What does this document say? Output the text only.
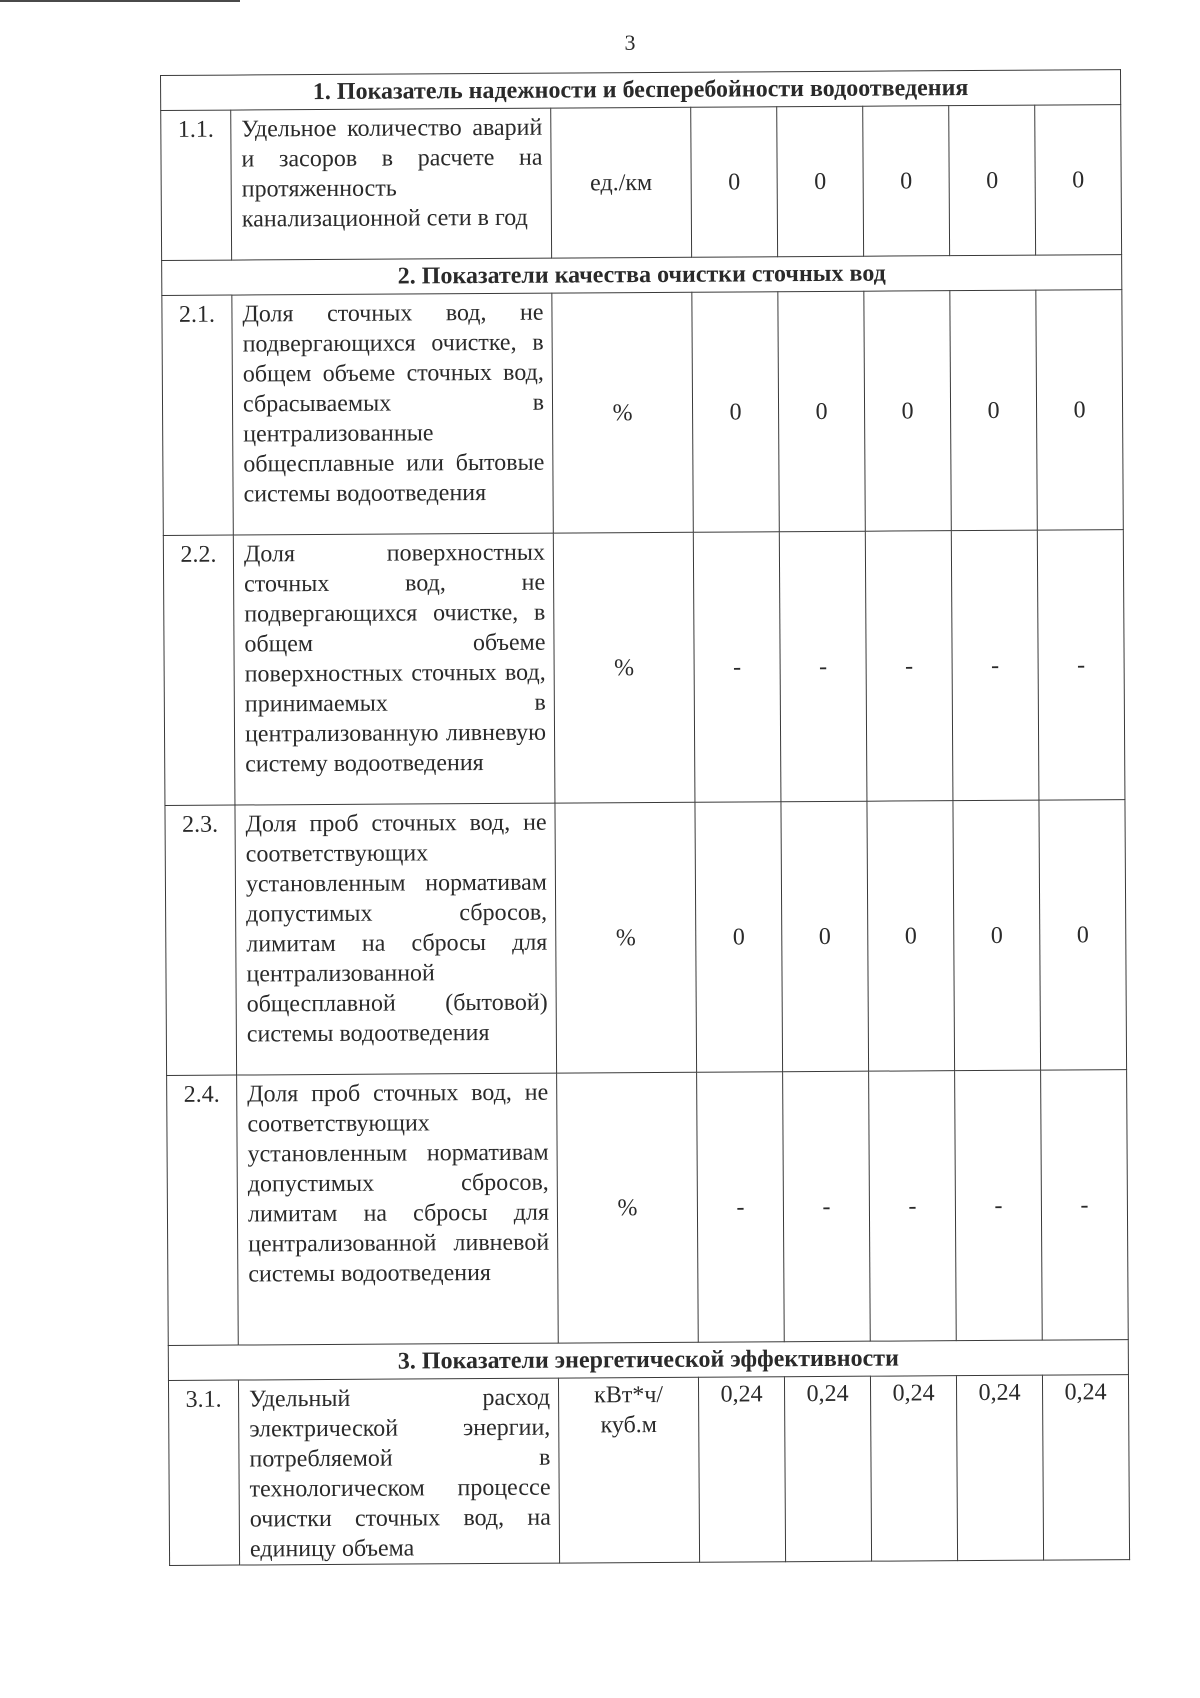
3
1. Показатель надежности и бесперебойности водоотведения							
1.1.	Удельное количество аварий и засоров в расчете на протяженность канализационной сети в год	ед./км	0	0	0	0	0
2. Показатели качества очистки сточных вод							
2.1.	Доля сточных вод, не подвергающихся очистке, в общем объеме сточных вод, сбрасываемых в централизованные общесплавные или бытовые системы водоотведения	%	0	0	0	0	0
2.2.	Доля поверхностных сточных вод, не подвергающихся очистке, в общем объеме поверхностных сточных вод, принимаемых в централизованную ливневую систему водоотведения	%	-	-	-	-	-
2.3.	Доля проб сточных вод, не соответствующих установленным нормативам допустимых сбросов, лимитам на сбросы для централизованной общесплавной (бытовой) системы водоотведения	%	0	0	0	0	0
2.4.	Доля проб сточных вод, не соответствующих установленным нормативам допустимых сбросов, лимитам на сбросы для централизованной ливневой системы водоотведения	%	-	-	-	-	-
3. Показатели энергетической эффективности							
3.1.	Удельный расход электрической энергии, потребляемой в технологическом процессе очистки сточных вод, на единицу объема	кВт*ч/ куб.м	0,24	0,24	0,24	0,24	0,24
